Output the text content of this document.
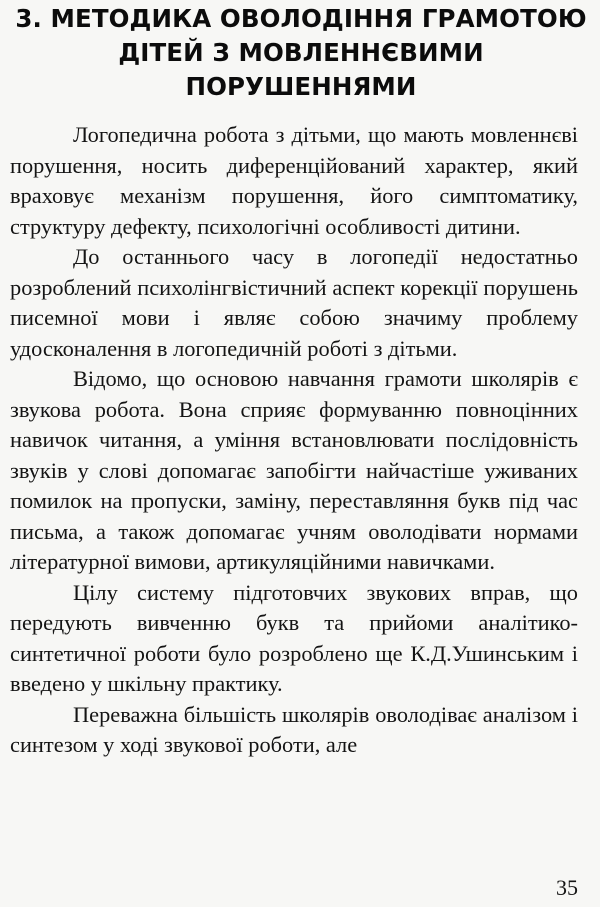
3. МЕТОДИКА ОВОЛОДІННЯ ГРАМОТОЮ
ДІТЕЙ З МОВЛЕННЄВИМИ
ПОРУШЕННЯМИ

Логопедична робота з дітьми, що мають мовленнєві порушення, носить диференційований характер, який враховує механізм порушення, його симптоматику, структуру дефекту, психологічні особливості дитини.

До останнього часу в логопедії недостатньо розроблений психолінгвістичний аспект корекції порушень писемної мови і являє собою значиму проблему удосконалення в логопедичній роботі з дітьми.

Відомо, що основою навчання грамоти школярів є звукова робота. Вона сприяє формуванню повноцінних навичок читання, а уміння встановлювати послідовність звуків у слові допомагає запобігти найчастіше уживаних помилок на пропуски, заміну, переставляння букв під час письма, а також допомагає учням оволодівати нормами літературної вимови, артикуляційними навичками.

Цілу систему підготовчих звукових вправ, що передують вивченню букв та прийоми аналітико-синтетичної роботи було розроблено ще К.Д.Ушинським і введено у шкільну практику.

Переважна більшість школярів оволодіває аналізом і синтезом у ході звукової роботи, але

35
